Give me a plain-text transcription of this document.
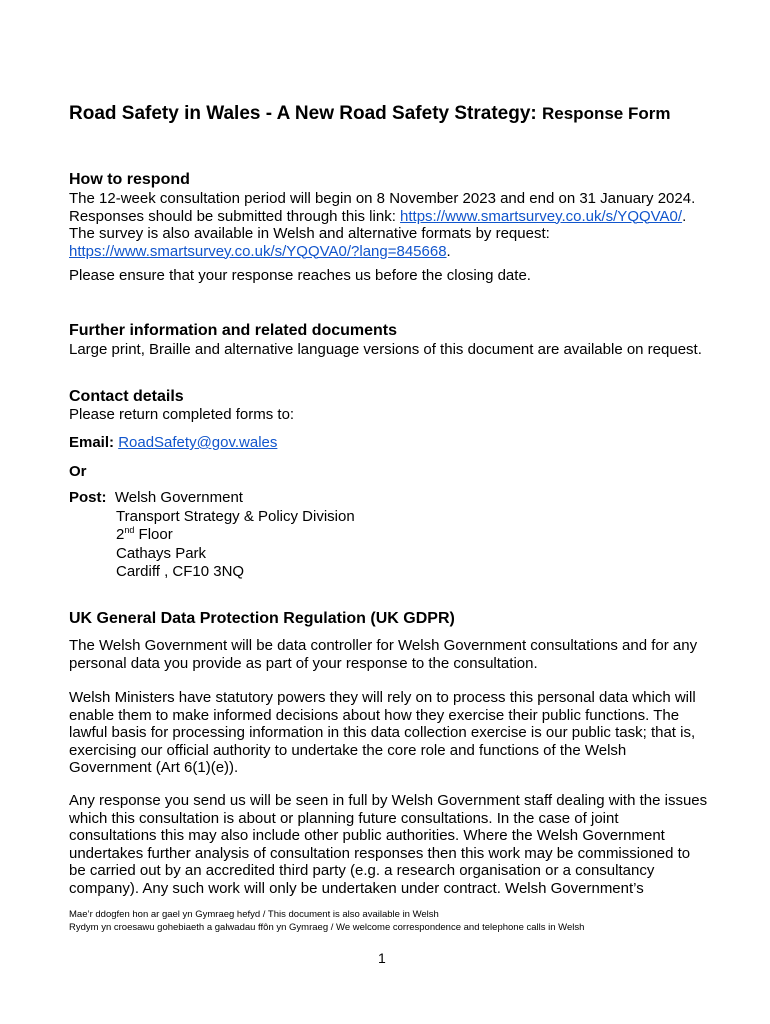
Road Safety in Wales - A New Road Safety Strategy: Response Form
How to respond

The 12-week consultation period will begin on 8 November 2023 and end on 31 January 2024. Responses should be submitted through this link: https://www.smartsurvey.co.uk/s/YQQVA0/. The survey is also available in Welsh and alternative formats by request: https://www.smartsurvey.co.uk/s/YQQVA0/?lang=845668.

Please ensure that your response reaches us before the closing date.

Further information and related documents

Large print, Braille and alternative language versions of this document are available on request.

Contact details

Please return completed forms to:

Email: RoadSafety@gov.wales

Or

Post: Welsh Government
Transport Strategy & Policy Division
2nd Floor
Cathays Park
Cardiff , CF10 3NQ
UK General Data Protection Regulation (UK GDPR)

The Welsh Government will be data controller for Welsh Government consultations and for any personal data you provide as part of your response to the consultation.

Welsh Ministers have statutory powers they will rely on to process this personal data which will enable them to make informed decisions about how they exercise their public functions. The lawful basis for processing information in this data collection exercise is our public task; that is, exercising our official authority to undertake the core role and functions of the Welsh Government (Art 6(1)(e)).

Any response you send us will be seen in full by Welsh Government staff dealing with the issues which this consultation is about or planning future consultations. In the case of joint consultations this may also include other public authorities. Where the Welsh Government undertakes further analysis of consultation responses then this work may be commissioned to be carried out by an accredited third party (e.g. a research organisation or a consultancy company). Any such work will only be undertaken under contract. Welsh Government’s

Mae’r ddogfen hon ar gael yn Gymraeg hefyd / This document is also available in Welsh

Rydym yn croesawu gohebiaeth a galwadau ffôn yn Gymraeg / We welcome correspondence and telephone calls in Welsh

1
